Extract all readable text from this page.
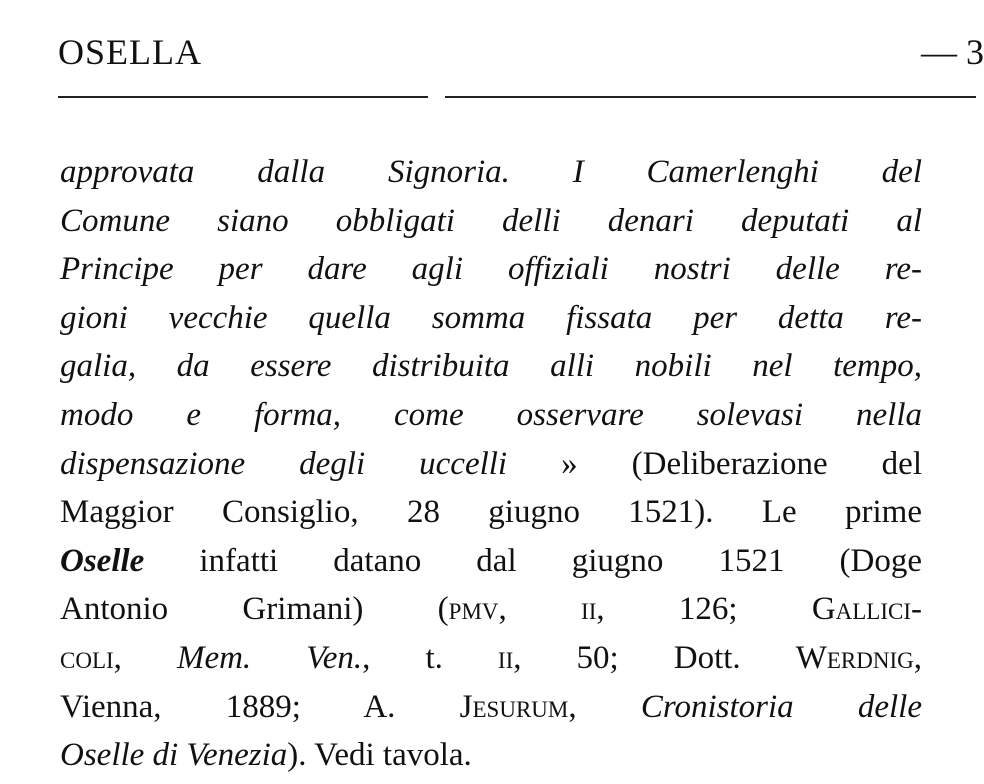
OSELLA	— 3
approvata dalla Signoria. I Camerlenghi del
Comune siano obbligati delli denari deputati al
Principe per dare agli offiziali nostri delle re-
gioni vecchie quella somma fissata per detta re-
galia, da essere distribuita alli nobili nel tempo,
modo e forma, come osservare solevasi nella
dispensazione degli uccelli » (Deliberazione del
Maggior Consiglio, 28 giugno 1521). Le prime
Oselle infatti datano dal giugno 1521 (Doge
Antonio Grimani) (pmv, ii, 126; Gallici-
coli, Mem. Ven., t. ii, 50; Dott. Werdnig,
Vienna, 1889; A. Jesurum, Cronistoria delle
Oselle di Venezia). Vedi tavola.
